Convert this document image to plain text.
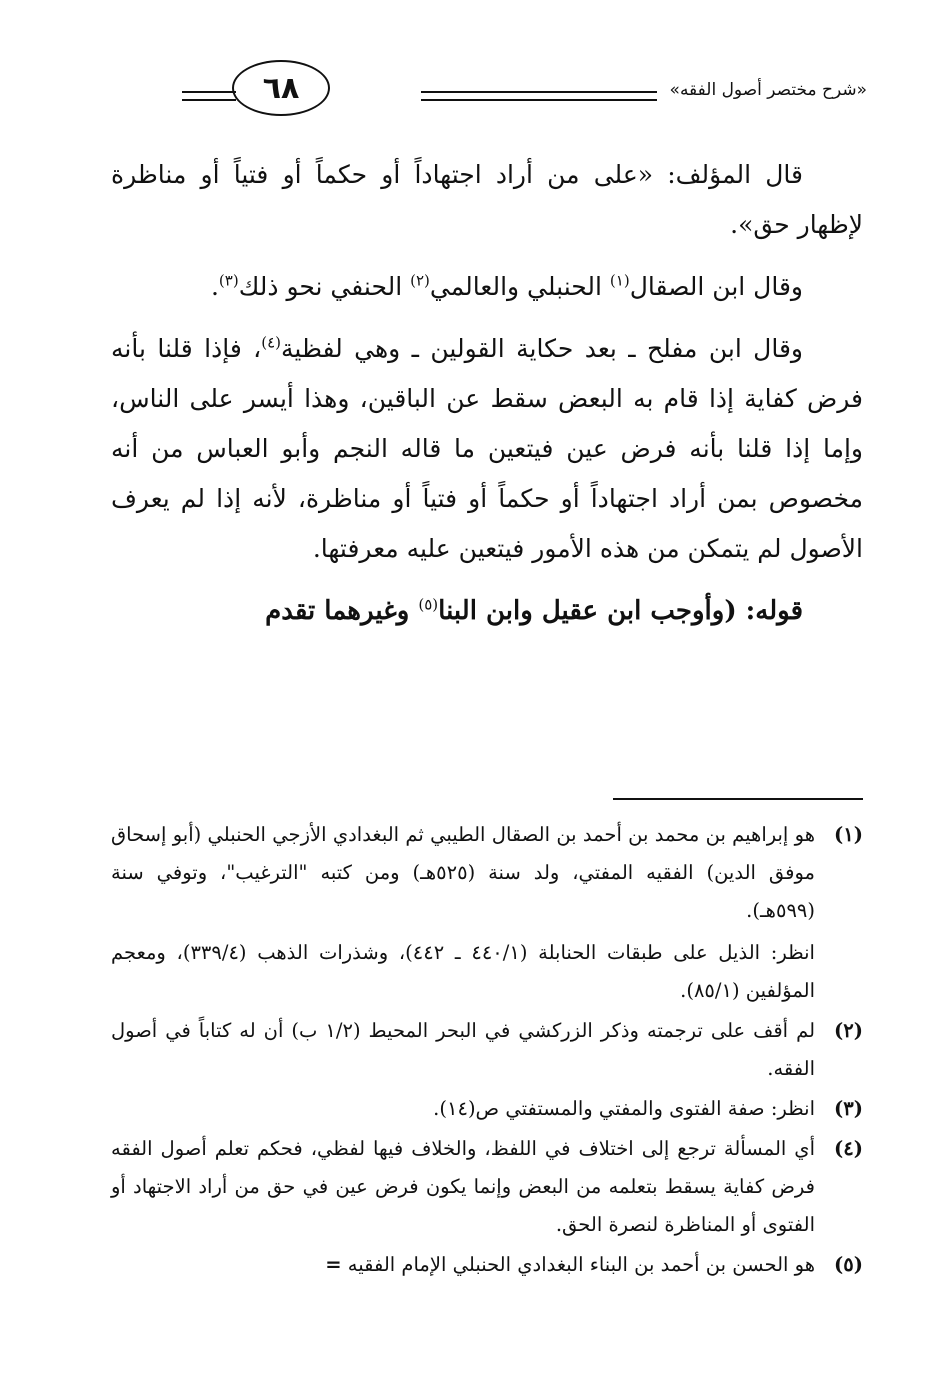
«شرح مختصر أصول الفقه»
٦٨

قال المؤلف: «على من أراد اجتهاداً أو حكماً أو فتياً أو مناظرة لإظهار حق».

وقال ابن الصقال$^{(١)}$ الحنبلي والعالمي$^{(٢)}$ الحنفي نحو ذلك$^{(٣)}$.

وقال ابن مفلح ـ بعد حكاية القولين ـ وهي لفظية$^{(٤)}$، فإذا قلنا بأنه فرض كفاية إذا قام به البعض سقط عن الباقين، وهذا أيسر على الناس، وإما إذا قلنا بأنه فرض عين فيتعين ما قاله النجم وأبو العباس من أنه مخصوص بمن أراد اجتهاداً أو حكماً أو فتياً أو مناظرة، لأنه إذا لم يعرف الأصول لم يتمكن من هذه الأمور فيتعين عليه معرفتها.

قوله: (وأوجب ابن عقيل وابن البنا$^{(٥)}$ وغيرهما تقدم

(١)

هو إبراهيم بن محمد بن أحمد بن الصقال الطيبي ثم البغدادي الأزجي الحنبلي (أبو إسحاق موفق الدين) الفقيه المفتي، ولد سنة (٥٢٥هـ) ومن كتبه "الترغيب"، وتوفي سنة (٥٩٩هـ).

انظر: الذيل على طبقات الحنابلة (٤٤٠/١ ـ ٤٤٢)، وشذرات الذهب (٣٣٩/٤)، ومعجم المؤلفين (٨٥/١).

(٢)

لم أقف على ترجمته وذكر الزركشي في البحر المحيط (١/٢ ب) أن له كتاباً في أصول الفقه.

(٣)

انظر: صفة الفتوى والمفتي والمستفتي ص(١٤).

(٤)

أي المسألة ترجع إلى اختلاف في اللفظ، والخلاف فيها لفظي، فحكم تعلم أصول الفقه فرض كفاية يسقط بتعلمه من البعض وإنما يكون فرض عين في حق من أراد الاجتهاد أو الفتوى أو المناظرة لنصرة الحق.

(٥)

هو الحسن بن أحمد بن البناء البغدادي الحنبلي الإمام الفقيه =
